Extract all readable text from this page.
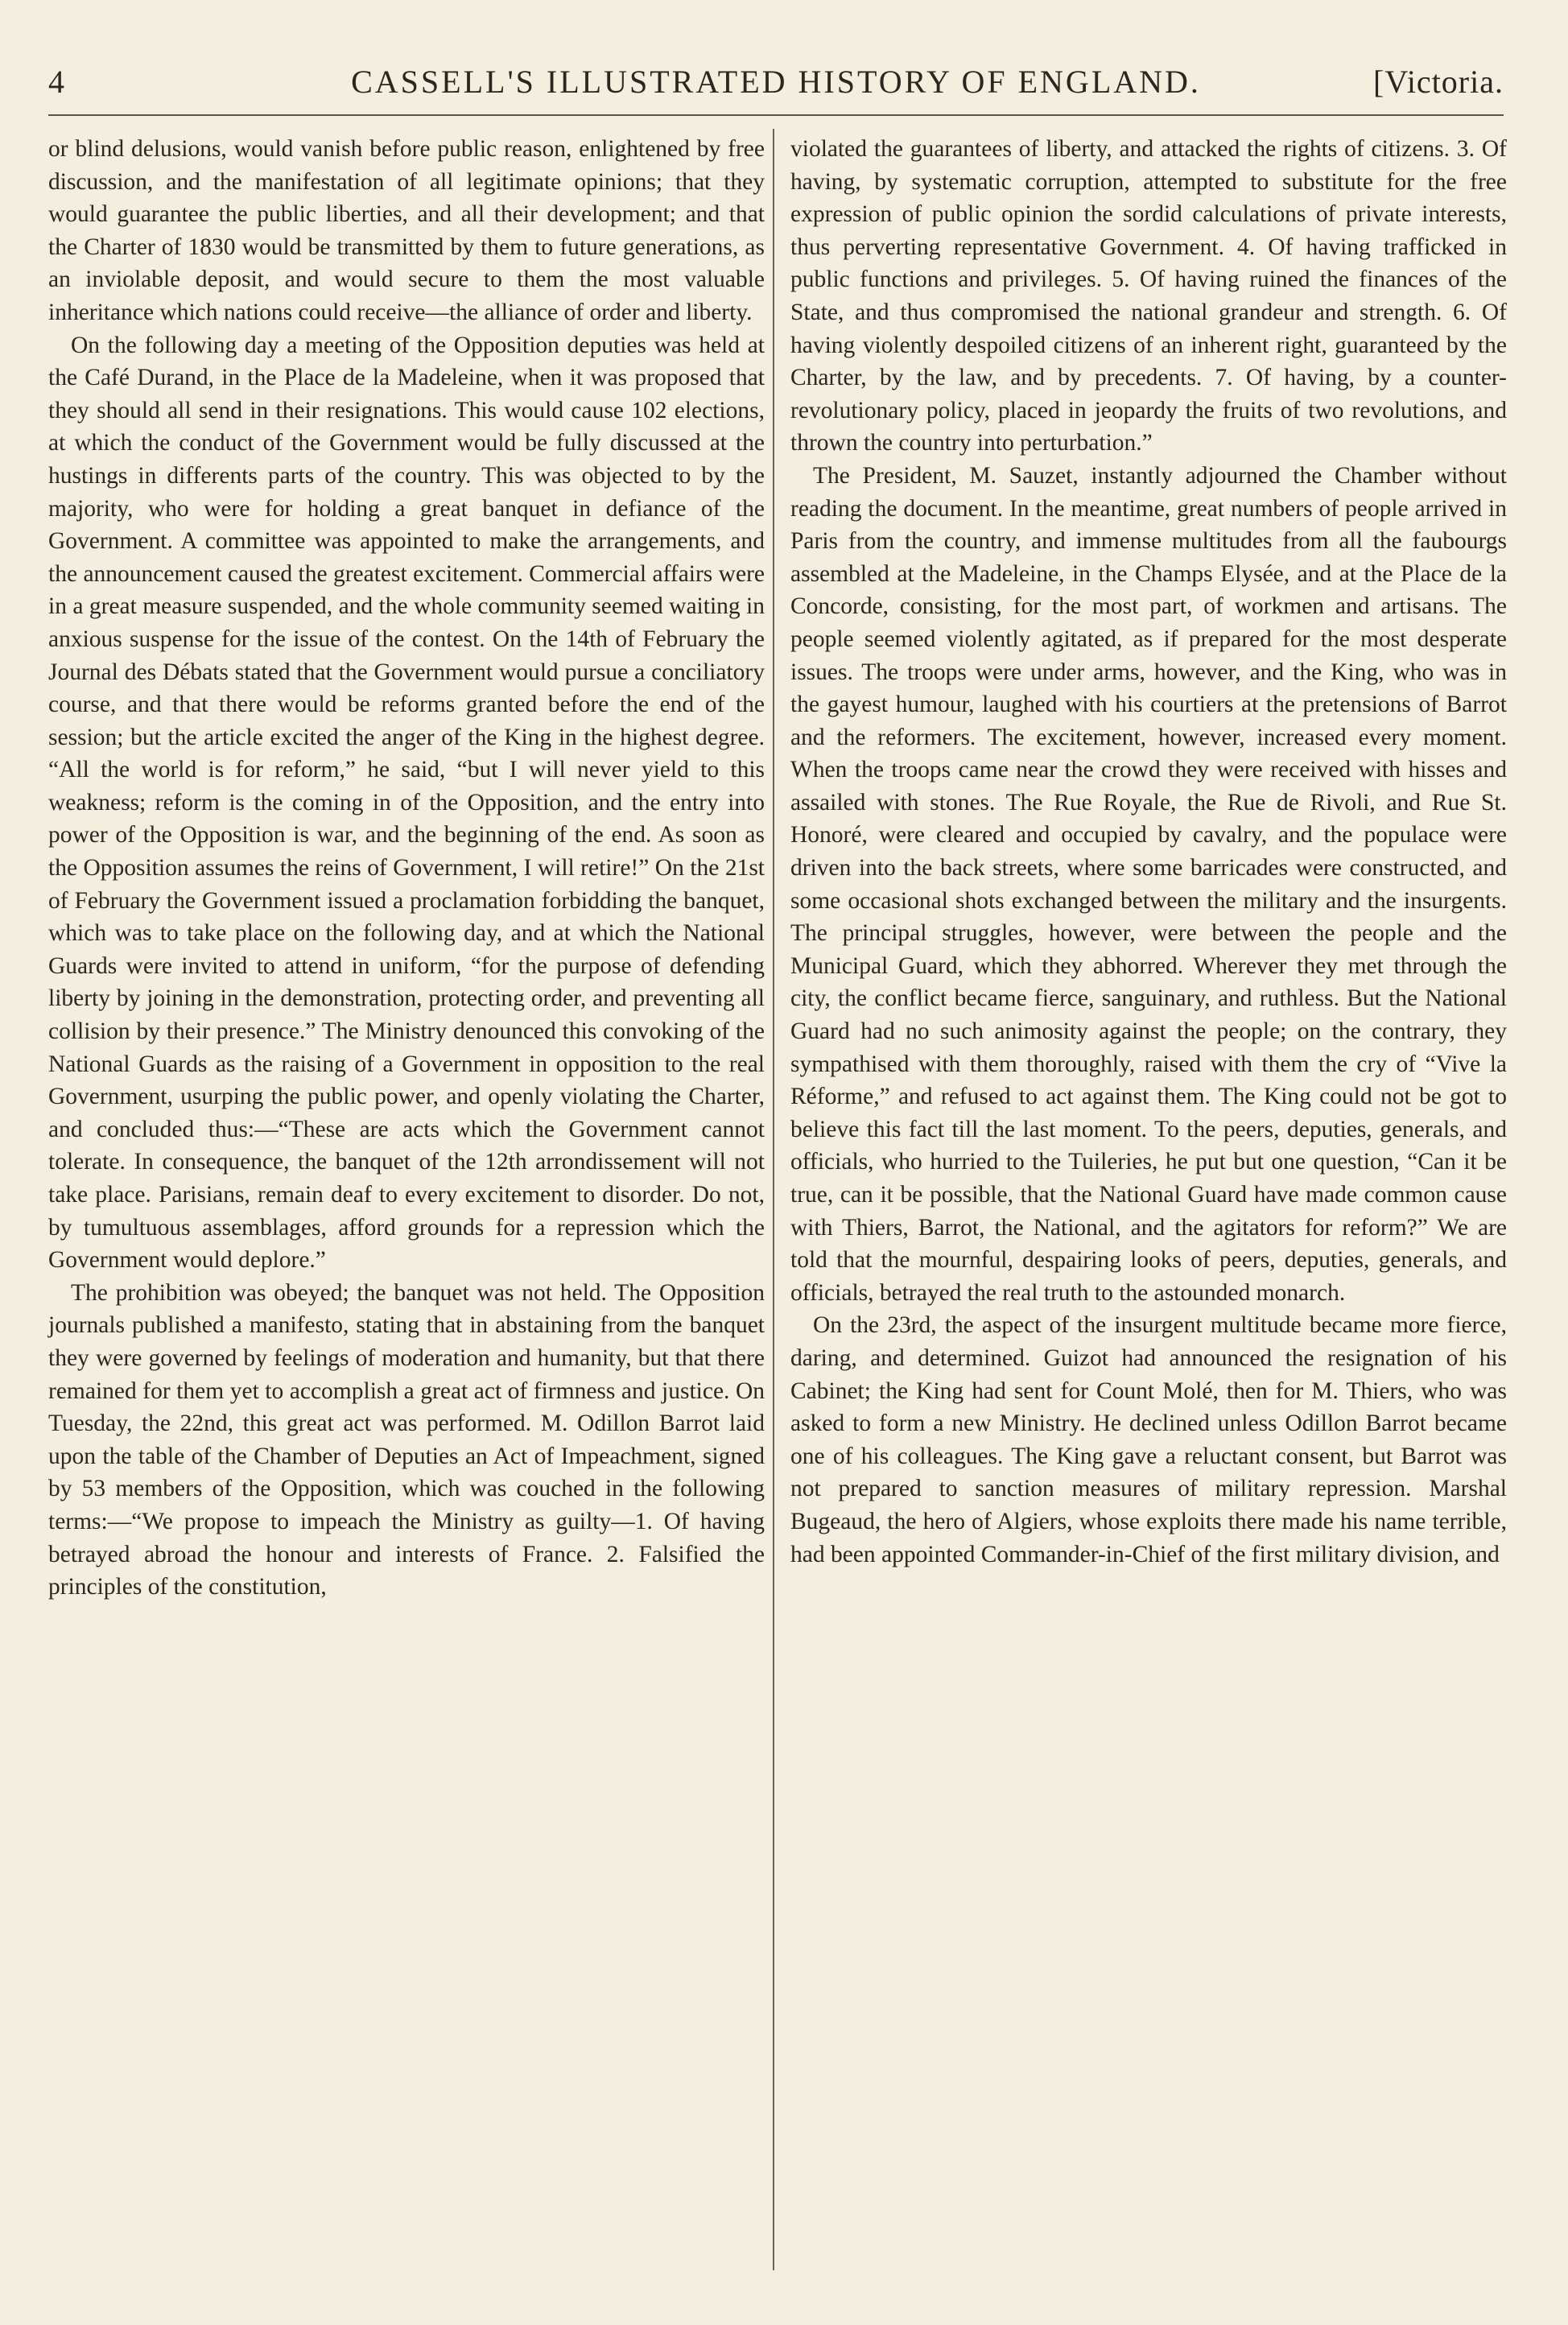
4	CASSELL'S ILLUSTRATED HISTORY OF ENGLAND.	[Victoria.

or blind delusions, would vanish before public reason, enlightened by free discussion, and the manifestation of all legitimate opinions; that they would guarantee the public liberties, and all their development; and that the Charter of 1830 would be transmitted by them to future generations, as an inviolable deposit, and would secure to them the most valuable inheritance which nations could receive—the alliance of order and liberty.

On the following day a meeting of the Opposition deputies was held at the Café Durand, in the Place de la Madeleine, when it was proposed that they should all send in their resignations. This would cause 102 elections, at which the conduct of the Government would be fully discussed at the hustings in differents parts of the country. This was objected to by the majority, who were for holding a great banquet in defiance of the Government. A committee was appointed to make the arrangements, and the announcement caused the greatest excitement. Commercial affairs were in a great measure suspended, and the whole community seemed waiting in anxious suspense for the issue of the contest. On the 14th of February the Journal des Débats stated that the Government would pursue a conciliatory course, and that there would be reforms granted before the end of the session; but the article excited the anger of the King in the highest degree. “All the world is for reform,” he said, “but I will never yield to this weakness; reform is the coming in of the Opposition, and the entry into power of the Opposition is war, and the beginning of the end. As soon as the Opposition assumes the reins of Government, I will retire!” On the 21st of February the Government issued a proclamation forbidding the banquet, which was to take place on the following day, and at which the National Guards were invited to attend in uniform, “for the purpose of defending liberty by joining in the demonstration, protecting order, and preventing all collision by their presence.” The Ministry denounced this convoking of the National Guards as the raising of a Government in opposition to the real Government, usurping the public power, and openly violating the Charter, and concluded thus:—“These are acts which the Government cannot tolerate. In consequence, the banquet of the 12th arrondissement will not take place. Parisians, remain deaf to every excitement to disorder. Do not, by tumultuous assemblages, afford grounds for a repression which the Government would deplore.”

The prohibition was obeyed; the banquet was not held. The Opposition journals published a manifesto, stating that in abstaining from the banquet they were governed by feelings of moderation and humanity, but that there remained for them yet to accomplish a great act of firmness and justice. On Tuesday, the 22nd, this great act was performed. M. Odillon Barrot laid upon the table of the Chamber of Deputies an Act of Impeachment, signed by 53 members of the Opposition, which was couched in the following terms:—“We propose to impeach the Ministry as guilty—1. Of having betrayed abroad the honour and interests of France. 2. Falsified the principles of the constitution,

violated the guarantees of liberty, and attacked the rights of citizens. 3. Of having, by systematic corruption, attempted to substitute for the free expression of public opinion the sordid calculations of private interests, thus perverting representative Government. 4. Of having trafficked in public functions and privileges. 5. Of having ruined the finances of the State, and thus compromised the national grandeur and strength. 6. Of having violently despoiled citizens of an inherent right, guaranteed by the Charter, by the law, and by precedents. 7. Of having, by a counter-revolutionary policy, placed in jeopardy the fruits of two revolutions, and thrown the country into perturbation.”

The President, M. Sauzet, instantly adjourned the Chamber without reading the document. In the meantime, great numbers of people arrived in Paris from the country, and immense multitudes from all the faubourgs assembled at the Madeleine, in the Champs Elysée, and at the Place de la Concorde, consisting, for the most part, of workmen and artisans. The people seemed violently agitated, as if prepared for the most desperate issues. The troops were under arms, however, and the King, who was in the gayest humour, laughed with his courtiers at the pretensions of Barrot and the reformers. The excitement, however, increased every moment. When the troops came near the crowd they were received with hisses and assailed with stones. The Rue Royale, the Rue de Rivoli, and Rue St. Honoré, were cleared and occupied by cavalry, and the populace were driven into the back streets, where some barricades were constructed, and some occasional shots exchanged between the military and the insurgents. The principal struggles, however, were between the people and the Municipal Guard, which they abhorred. Wherever they met through the city, the conflict became fierce, sanguinary, and ruthless. But the National Guard had no such animosity against the people; on the contrary, they sympathised with them thoroughly, raised with them the cry of “Vive la Réforme,” and refused to act against them. The King could not be got to believe this fact till the last moment. To the peers, deputies, generals, and officials, who hurried to the Tuileries, he put but one question, “Can it be true, can it be possible, that the National Guard have made common cause with Thiers, Barrot, the National, and the agitators for reform?” We are told that the mournful, despairing looks of peers, deputies, generals, and officials, betrayed the real truth to the astounded monarch.

On the 23rd, the aspect of the insurgent multitude became more fierce, daring, and determined. Guizot had announced the resignation of his Cabinet; the King had sent for Count Molé, then for M. Thiers, who was asked to form a new Ministry. He declined unless Odillon Barrot became one of his colleagues. The King gave a reluctant consent, but Barrot was not prepared to sanction measures of military repression. Marshal Bugeaud, the hero of Algiers, whose exploits there made his name terrible, had been appointed Commander-in-Chief of the first military division, and
